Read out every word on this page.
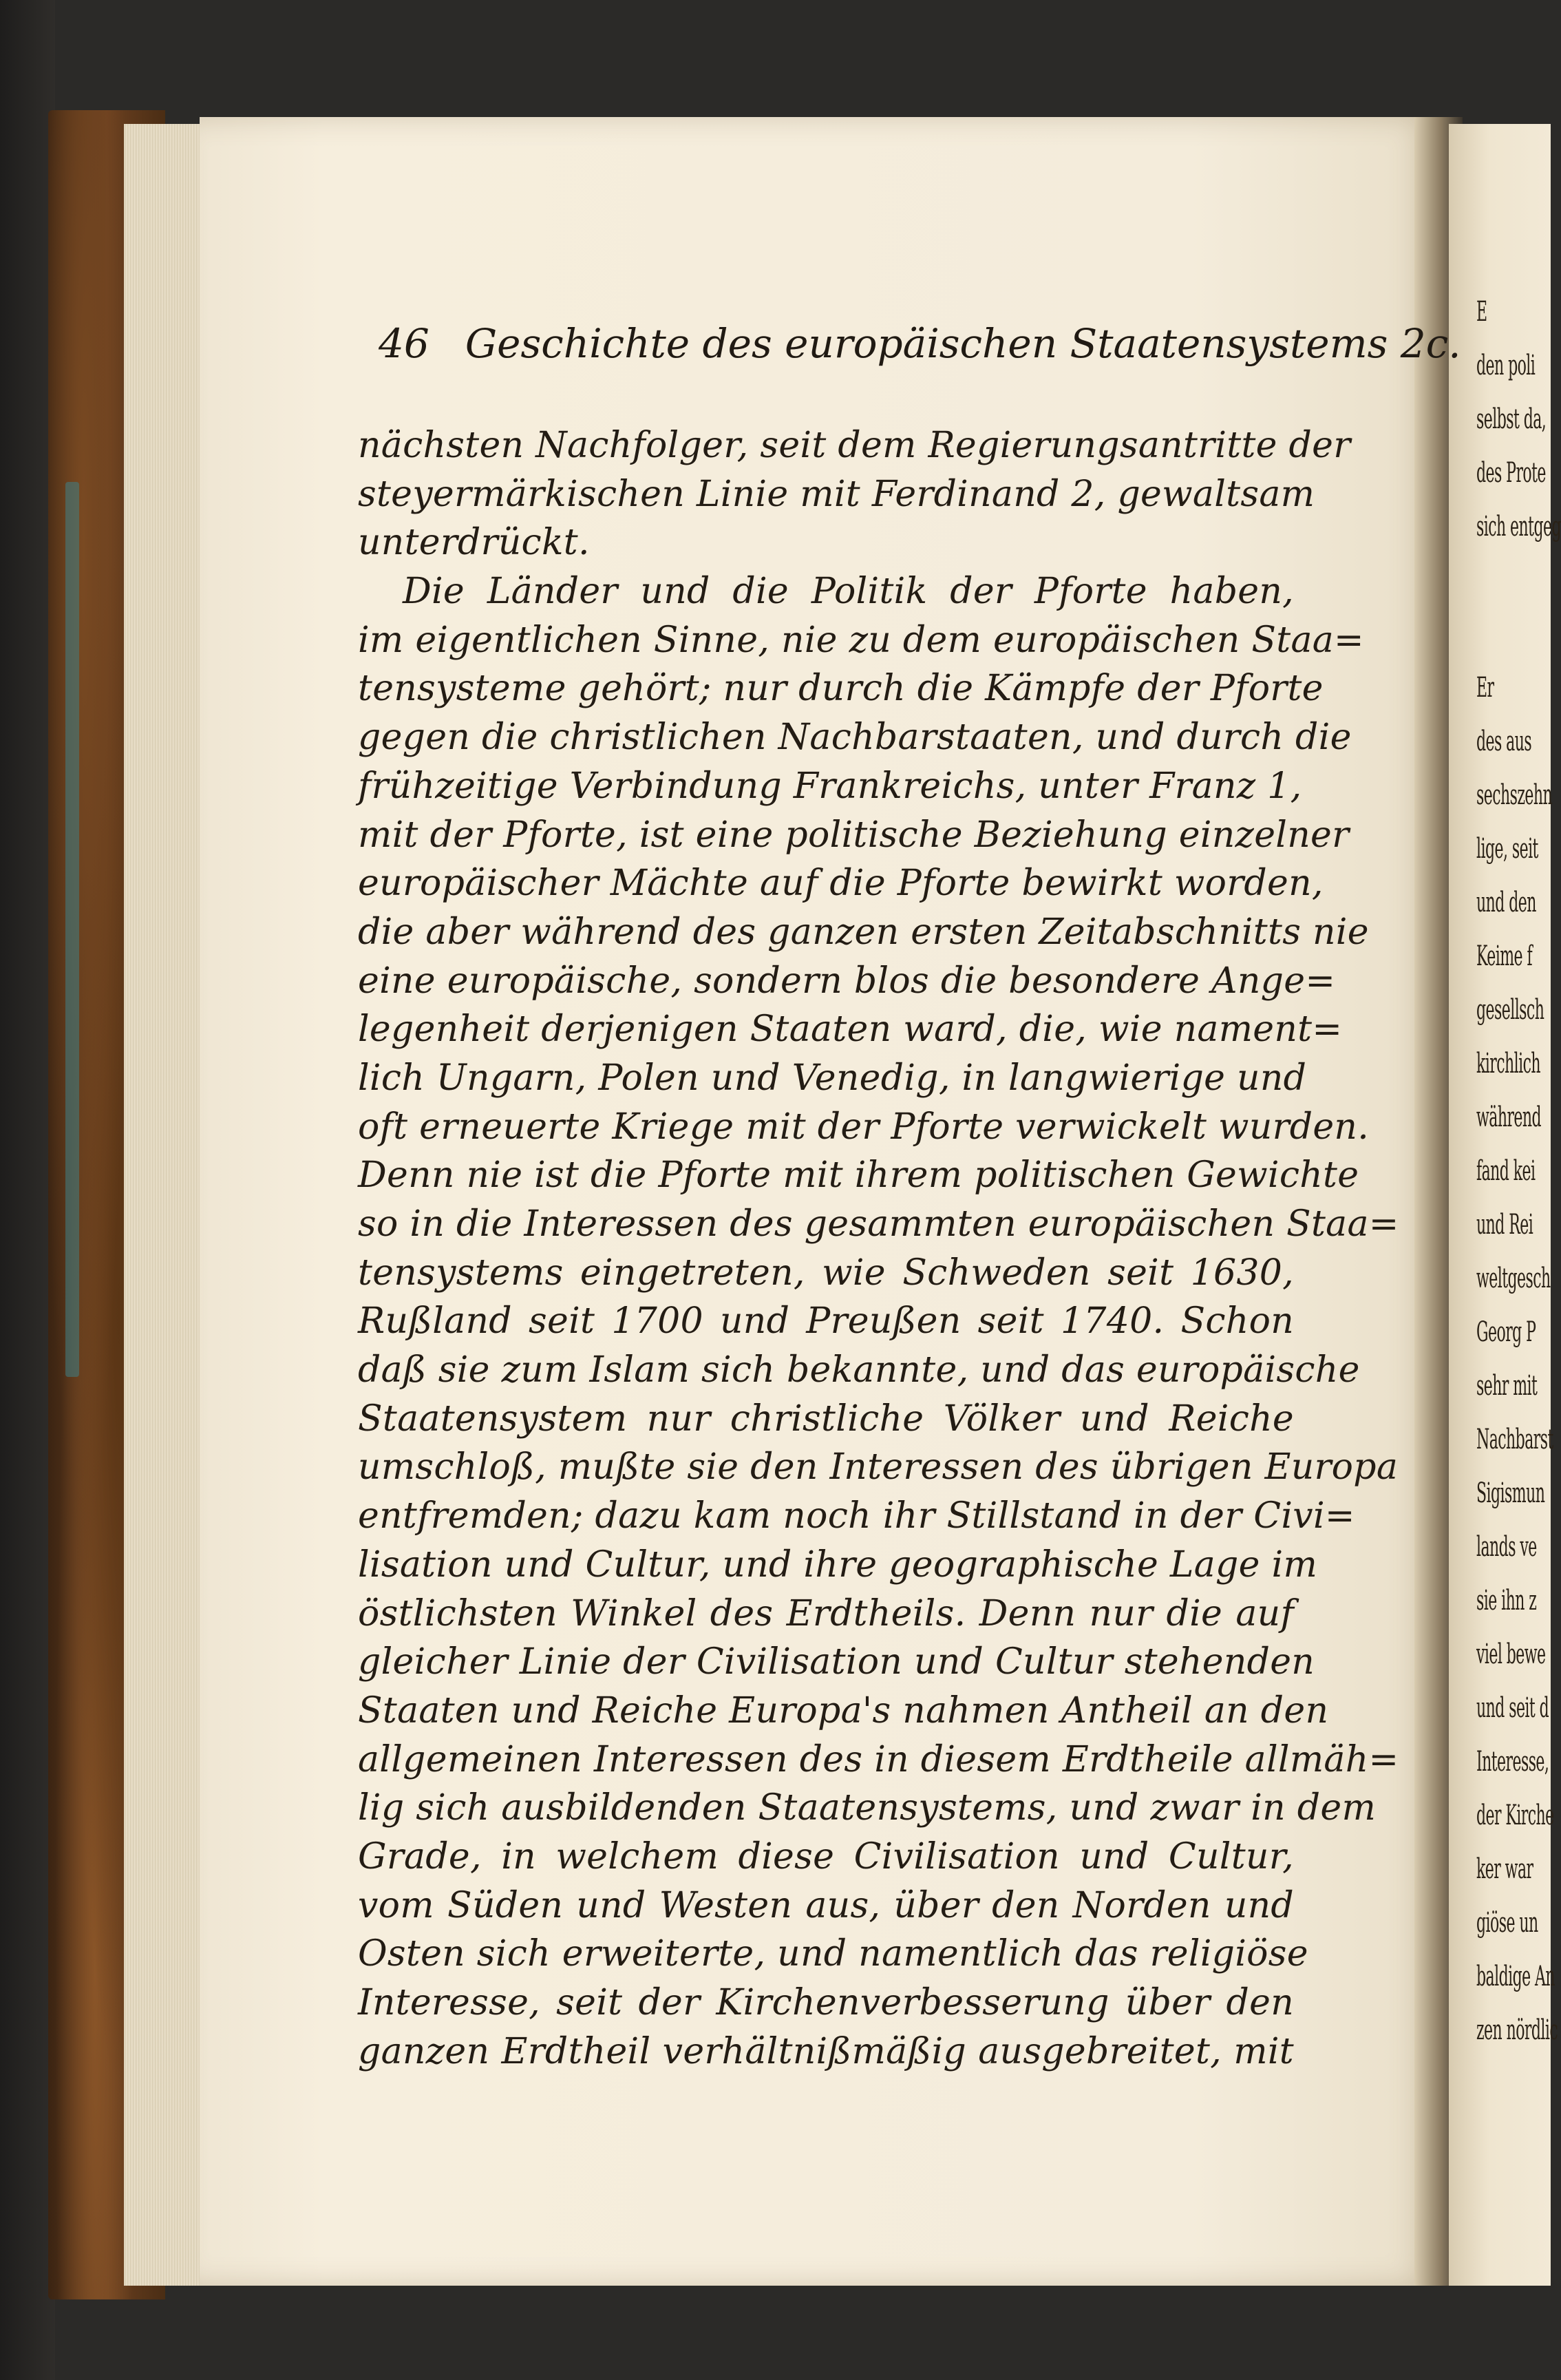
E
den poli
selbst da,
des Prote
sich entgeg
Er
des aus
sechszehn
lige, seit
und den
Keime f
gesellsch
kirchlich
während
fand kei
und Rei
weltgesch
Georg P
sehr mit
Nachbarst
Sigismun
lands ve
sie ihn z
viel bewe
und seit d
Interesse,
der Kirche
ker war
giöse un
baldige An
zen nördlic
46 Geschichte des europäischen Staatensystems 2c.
nächsten Nachfolger, seit dem Regierungsantritte der
steyermärkischen Linie mit Ferdinand 2, gewaltsam
unterdrückt.
Die Länder und die Politik der Pforte haben,
im eigentlichen Sinne, nie zu dem europäischen Staa=
tensysteme gehört; nur durch die Kämpfe der Pforte
gegen die christlichen Nachbarstaaten, und durch die
frühzeitige Verbindung Frankreichs, unter Franz 1,
mit der Pforte, ist eine politische Beziehung einzelner
europäischer Mächte auf die Pforte bewirkt worden,
die aber während des ganzen ersten Zeitabschnitts nie
eine europäische, sondern blos die besondere Ange=
legenheit derjenigen Staaten ward, die, wie nament=
lich Ungarn, Polen und Venedig, in langwierige und
oft erneuerte Kriege mit der Pforte verwickelt wurden.
Denn nie ist die Pforte mit ihrem politischen Gewichte
so in die Interessen des gesammten europäischen Staa=
tensystems eingetreten, wie Schweden seit 1630,
Rußland seit 1700 und Preußen seit 1740. Schon
daß sie zum Islam sich bekannte, und das europäische
Staatensystem nur christliche Völker und Reiche
umschloß, mußte sie den Interessen des übrigen Europa
entfremden; dazu kam noch ihr Stillstand in der Civi=
lisation und Cultur, und ihre geographische Lage im
östlichsten Winkel des Erdtheils. Denn nur die auf
gleicher Linie der Civilisation und Cultur stehenden
Staaten und Reiche Europa's nahmen Antheil an den
allgemeinen Interessen des in diesem Erdtheile allmäh=
lig sich ausbildenden Staatensystems, und zwar in dem
Grade, in welchem diese Civilisation und Cultur,
vom Süden und Westen aus, über den Norden und
Osten sich erweiterte, und namentlich das religiöse
Interesse, seit der Kirchenverbesserung über den
ganzen Erdtheil verhältnißmäßig ausgebreitet, mit
